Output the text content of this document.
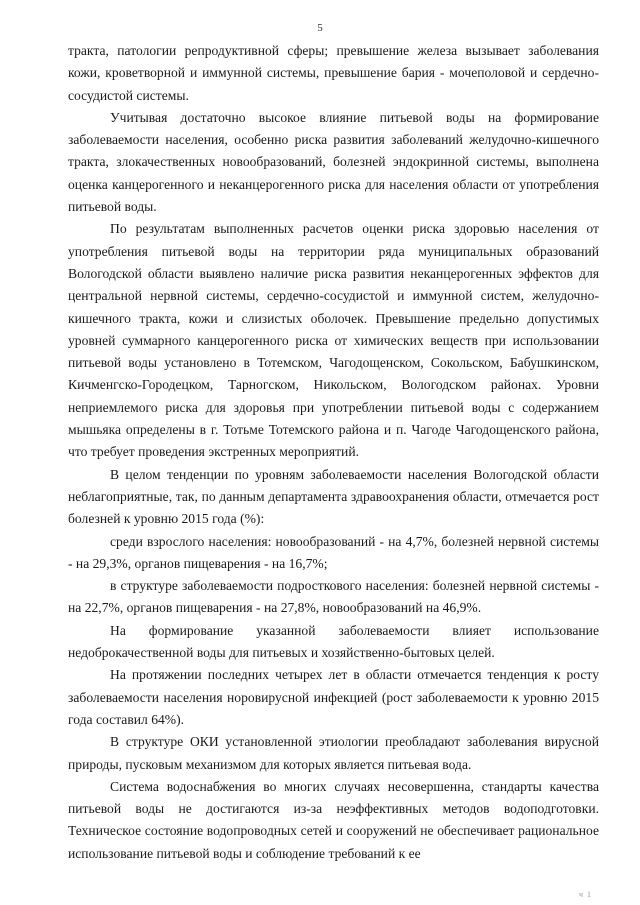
5

тракта, патологии репродуктивной сферы; превышение железа вызывает заболевания кожи, кроветворной и иммунной системы, превышение бария - мочеполовой и сердечно-сосудистой системы.

Учитывая достаточно высокое влияние питьевой воды на формирование заболеваемости населения, особенно риска развития заболеваний желудочно-кишечного тракта, злокачественных новообразований, болезней эндокринной системы, выполнена оценка канцерогенного и неканцерогенного риска для населения области от употребления питьевой воды.

По результатам выполненных расчетов оценки риска здоровью населения от употребления питьевой воды на территории ряда муниципальных образований Вологодской области выявлено наличие риска развития неканцерогенных эффектов для центральной нервной системы, сердечно-сосудистой и иммунной систем, желудочно-кишечного тракта, кожи и слизистых оболочек. Превышение предельно допустимых уровней суммарного канцерогенного риска от химических веществ при использовании питьевой воды установлено в Тотемском, Чагодощенском, Сокольском, Бабушкинском, Кичменгско-Городецком, Тарногском, Никольском, Вологодском районах. Уровни неприемлемого риска для здоровья при употреблении питьевой воды с содержанием мышьяка определены в г. Тотьме Тотемского района и п. Чагоде Чагодощенского района, что требует проведения экстренных мероприятий.

В целом тенденции по уровням заболеваемости населения Вологодской области неблагоприятные, так, по данным департамента здравоохранения области, отмечается рост болезней к уровню 2015 года (%):

среди взрослого населения: новообразований - на 4,7%, болезней нервной системы - на 29,3%, органов пищеварения - на 16,7%;

в структуре заболеваемости подросткового населения: болезней нервной системы - на 22,7%, органов пищеварения - на 27,8%, новообразований на 46,9%.

На формирование указанной заболеваемости влияет использование недоброкачественной воды для питьевых и хозяйственно-бытовых целей.

На протяжении последних четырех лет в области отмечается тенденция к росту заболеваемости населения норовирусной инфекцией (рост заболеваемости к уровню 2015 года составил 64%).

В структуре ОКИ установленной этиологии преобладают заболевания вирусной природы, пусковым механизмом для которых является питьевая вода.

Система водоснабжения во многих случаях несовершенна, стандарты качества питьевой воды не достигаются из-за неэффективных методов водоподготовки. Техническое состояние водопроводных сетей и сооружений не обеспечивает рациональное использование питьевой воды и соблюдение требований к ее

ч 1
